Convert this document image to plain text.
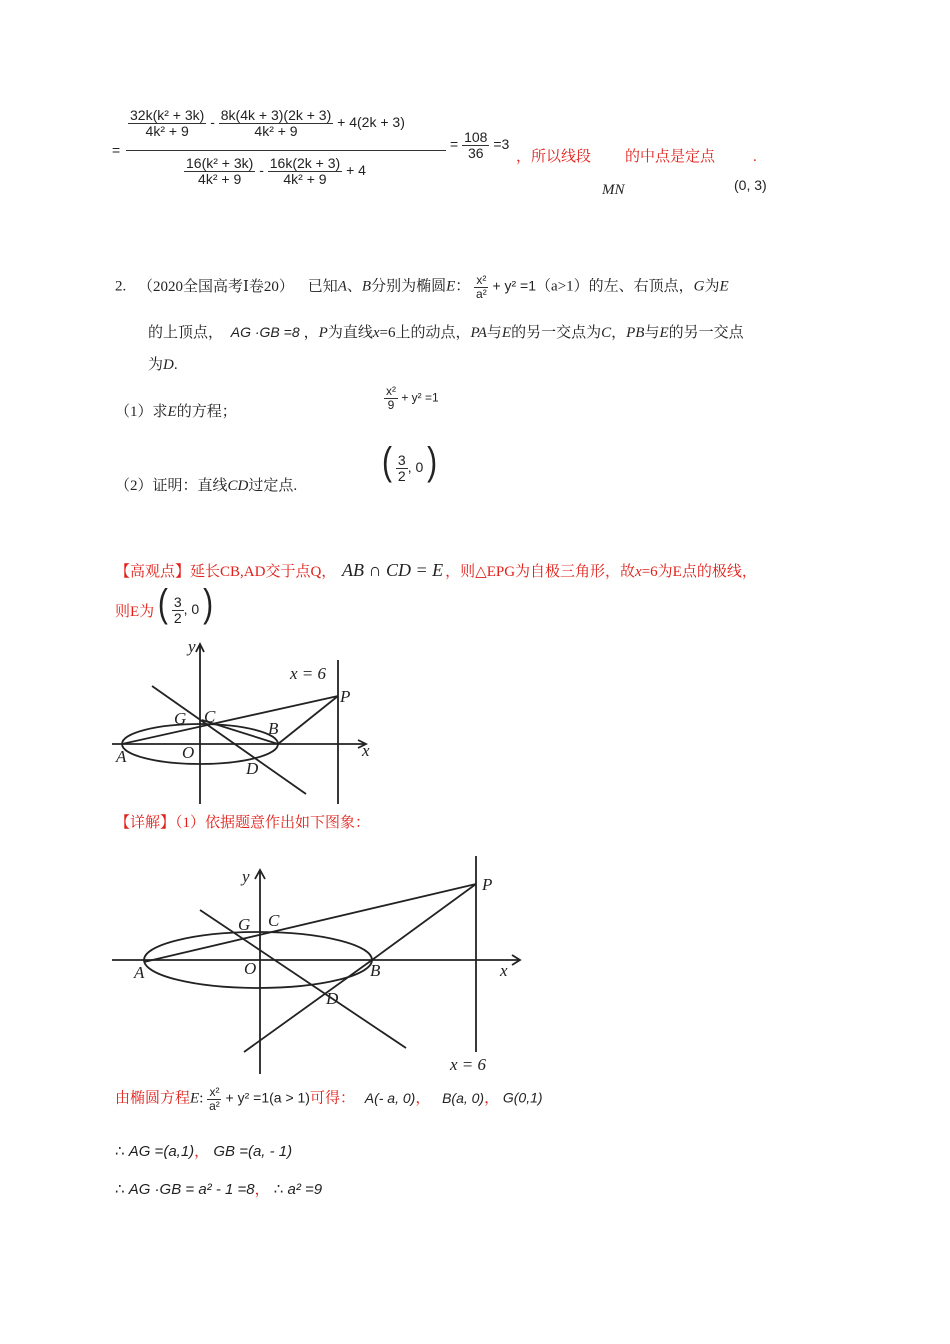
=
$\frac{\text{32k(k² + 3k)}}{\text{4k² + 9}} - \frac{8k(4k + 3)(2k + 3)}{\text{4k² + 9}} + 4(2k + 3)$
$\frac{\text{16(k² + 3k)}}{\text{4k² + 9}} - \frac{16k(2k + 3)}{\text{4k² + 9}} + 4$
= $\frac{108}{36} =3$
，所以线段 的中点是定点	.
MN	(0, 3)
2. （2020全国高考Ⅰ卷20） 已知A、B分别为椭圆E： $\frac{\text{x²}}{\text{a²}} + y^2 =1(a>1)$的左、右顶点，G为E
的上顶点， AG ·GB =8 ，P为直线x=6上的动点，PA与E的另一交点为C，PB与E的另一交点
为D.
（1）求E的方程；
$\frac{\text{x²}}{9} + y^2 =1$
（2）证明：直线CD过定点.
( $\frac{3}{2}$ , 0 )
【高观点】延长CB,AD交于点Q， AB ∩ CD = E ，则△EPG为自极三角形，故x=6为E点的极线，
则E为 ( $\frac{3}{2}$ , 0 )
y
x
x = 6
P
G C
B
A	O
D
【详解】（1）依据题意作出如下图象：
y
x
P
G C
B
A	O
D
x = 6
由椭圆方程E: $\frac{\text{x²}}{\text{a²}} + y^2 =1(a > 1)$可得： A(- a, 0)， B(a, 0)， G(0,1)
∴ AG =(a,1)， GB =(a, - 1)
∴ AG ·GB = a² - 1 =8， ∴ a² =9
